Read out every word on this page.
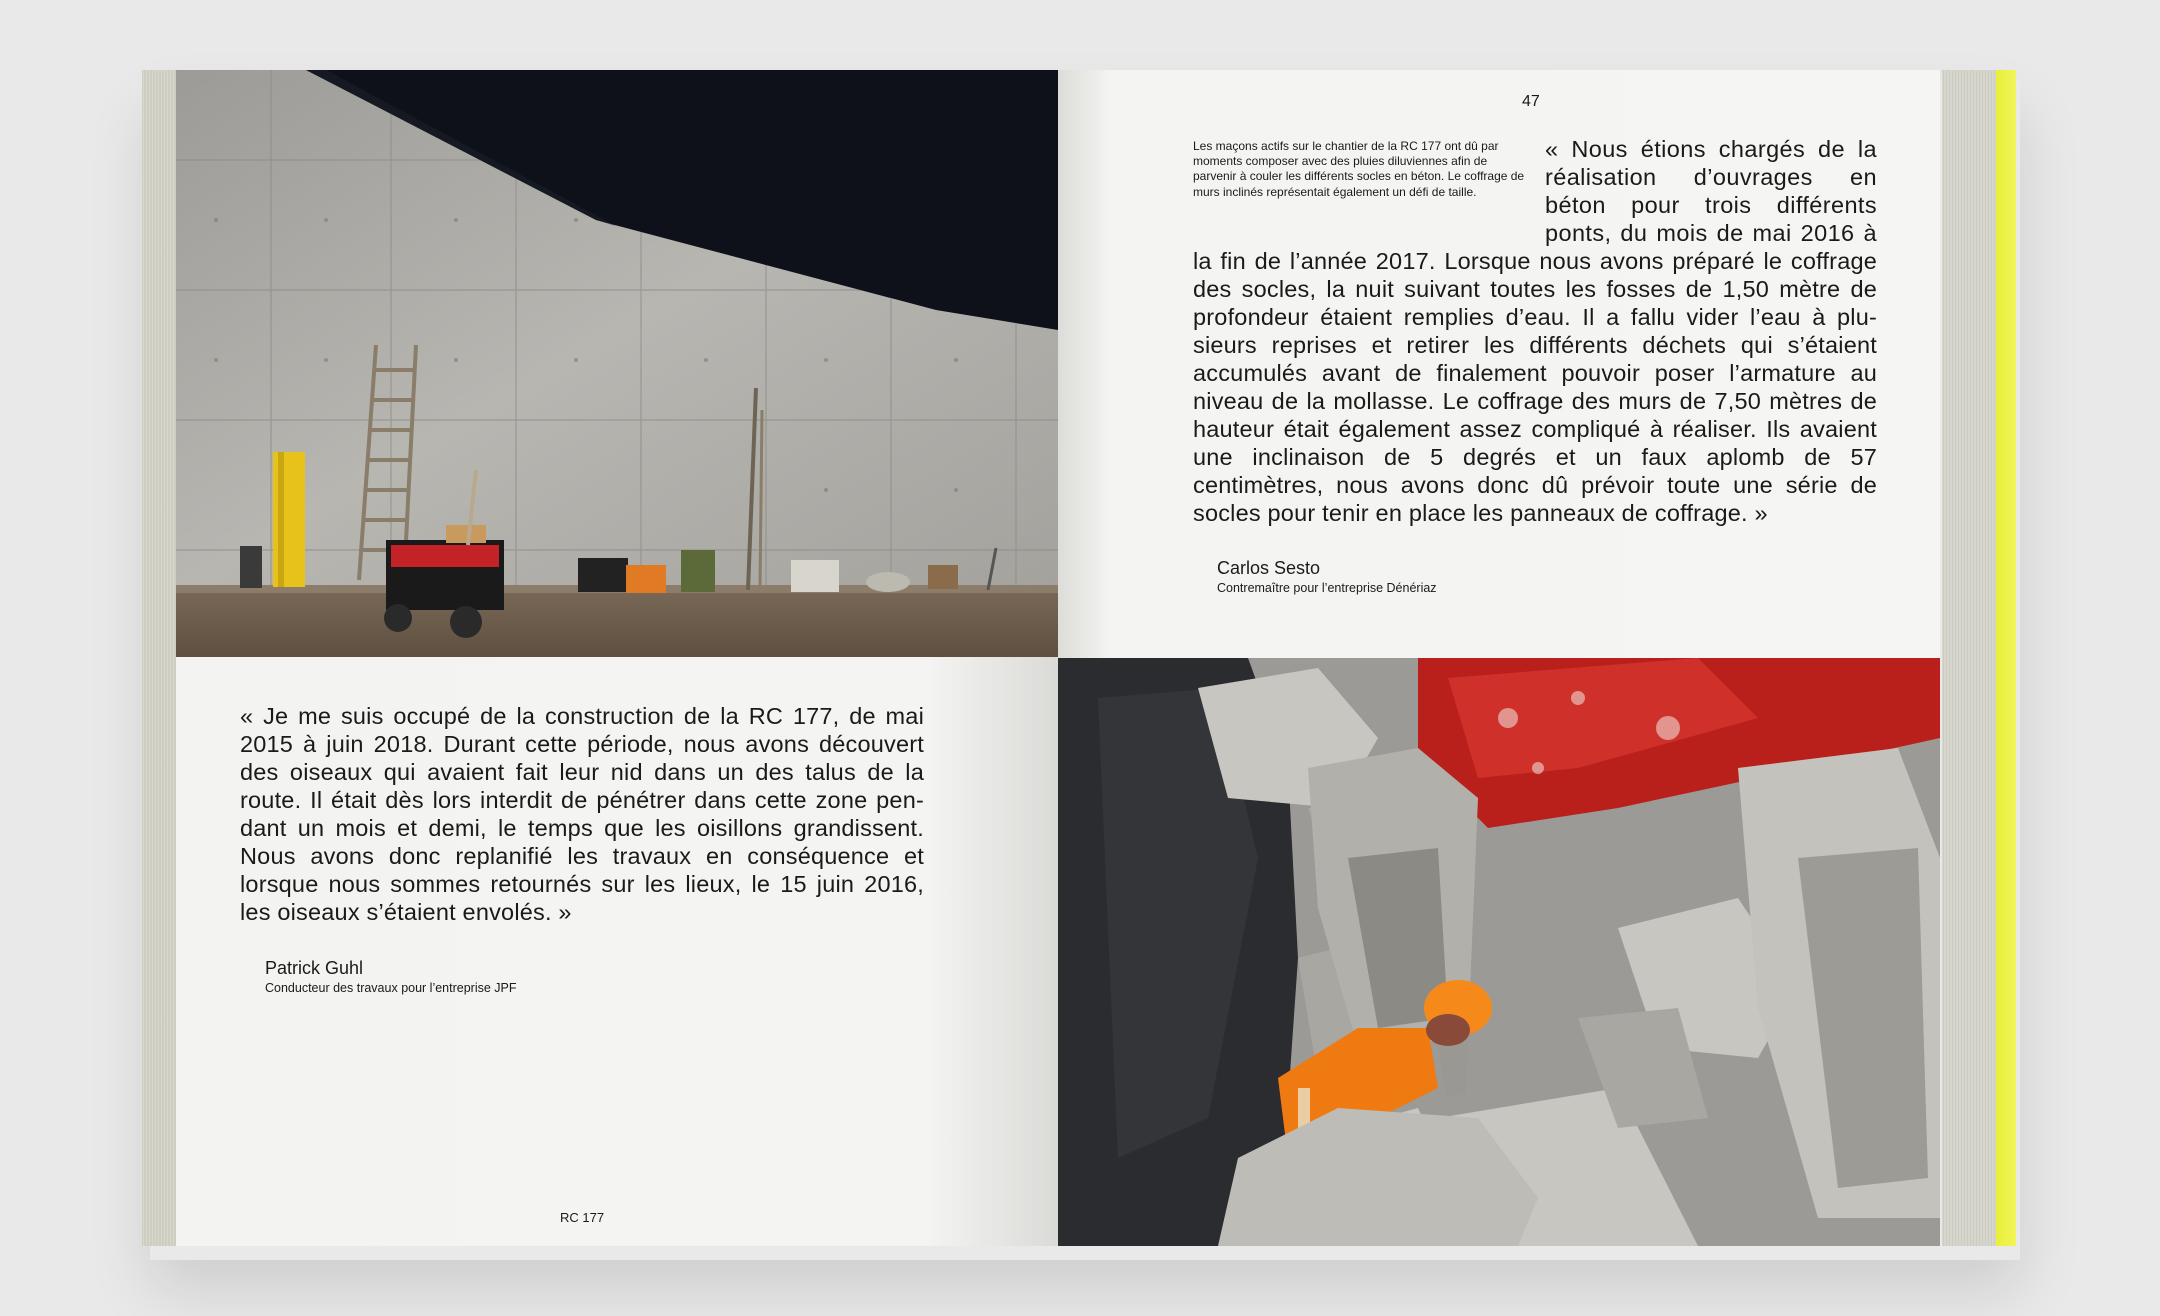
« Je me suis occupé de la construction de la RC 177, de mai 2015 à juin 2018. Durant cette période, nous avons découvert des oiseaux qui avaient fait leur nid dans un des talus de la route. Il était dès lors interdit de pénétrer dans cette zone pen-dant un mois et demi, le temps que les oisillons grandissent. Nous avons donc replanifié les travaux en conséquence et lorsque nous sommes retournés sur les lieux, le 15 juin 2016, les oiseaux s’étaient envolés. »
Patrick Guhl
Conducteur des travaux pour l’entreprise JPF
RC 177
47
Les maçons actifs sur le chantier de la RC 177 ont dû par moments composer avec des pluies diluviennes afin de parvenir à couler les différents socles en béton. Le coffrage de murs inclinés représentait également un défi de taille.
« Nous étions chargés de la réalisation d’ouvrages en béton pour trois différents ponts, du mois de mai 2016 à
la fin de l’année 2017. Lorsque nous avons préparé le coffrage des socles, la nuit suivant toutes les fosses de 1,50 mètre de profondeur étaient remplies d’eau. Il a fallu vider l’eau à plu-sieurs reprises et retirer les différents déchets qui s’étaient accumulés avant de finalement pouvoir poser l’armature au niveau de la mollasse. Le coffrage des murs de 7,50 mètres de hauteur était également assez compliqué à réaliser. Ils avaient une inclinaison de 5 degrés et un faux aplomb de 57 centimètres, nous avons donc dû prévoir toute une série de socles pour tenir en place les panneaux de coffrage. »
Carlos Sesto
Contremaître pour l’entreprise Dénériaz
